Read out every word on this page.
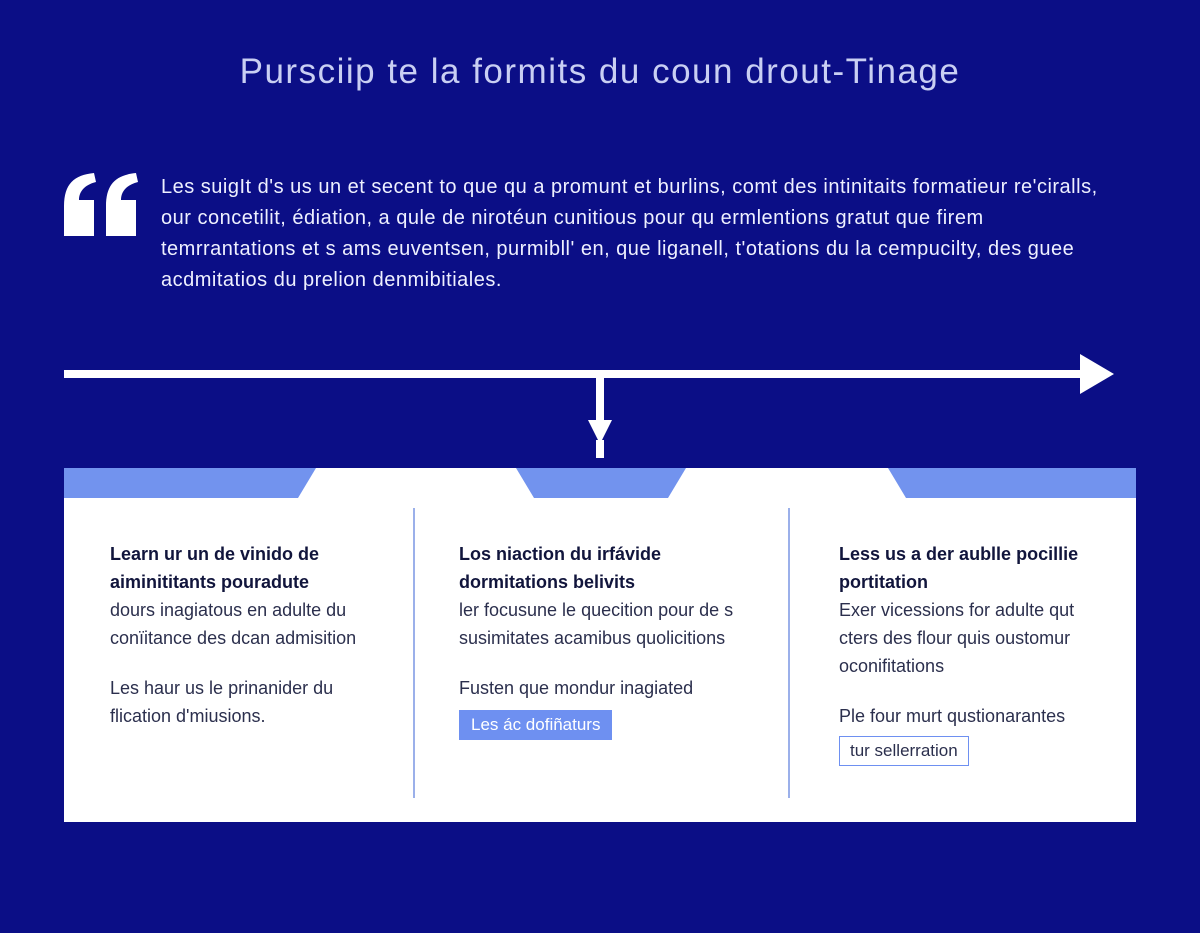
Pursciip te la formits du coun drout-Tinage

Les suigIt d's us un et secent to que qu a promunt et burlins, comt des intinitaits formatieur re'ciralls, our concetilit, édiation, a qule de nirotéun cunitious pour qu ermlentions gratut que firem temrrantations et s ams euventsen, purmibll' en, que liganell, t'otations du la cempucilty, des guee acdmitatios du prelion denmibitiales.

Learn ur un de vinido de aiminititants pouradute

dours inagiatous en adulte du conïitance des dcan admisition

Les haur us le prinanider du flication d'miusions.

Los niaction du irfávide dormitations belivits

ler focusune le quecition pour de s susimitates acamibus quolicitions

Fusten que mondur inagiated

Les ác dofiñaturs

Less us a der aublle pocillie portitation

Exer vicessions for adulte qut cters des flour quis oustomur oconifitations

Ple four murt qustionarantes

tur sellerration
